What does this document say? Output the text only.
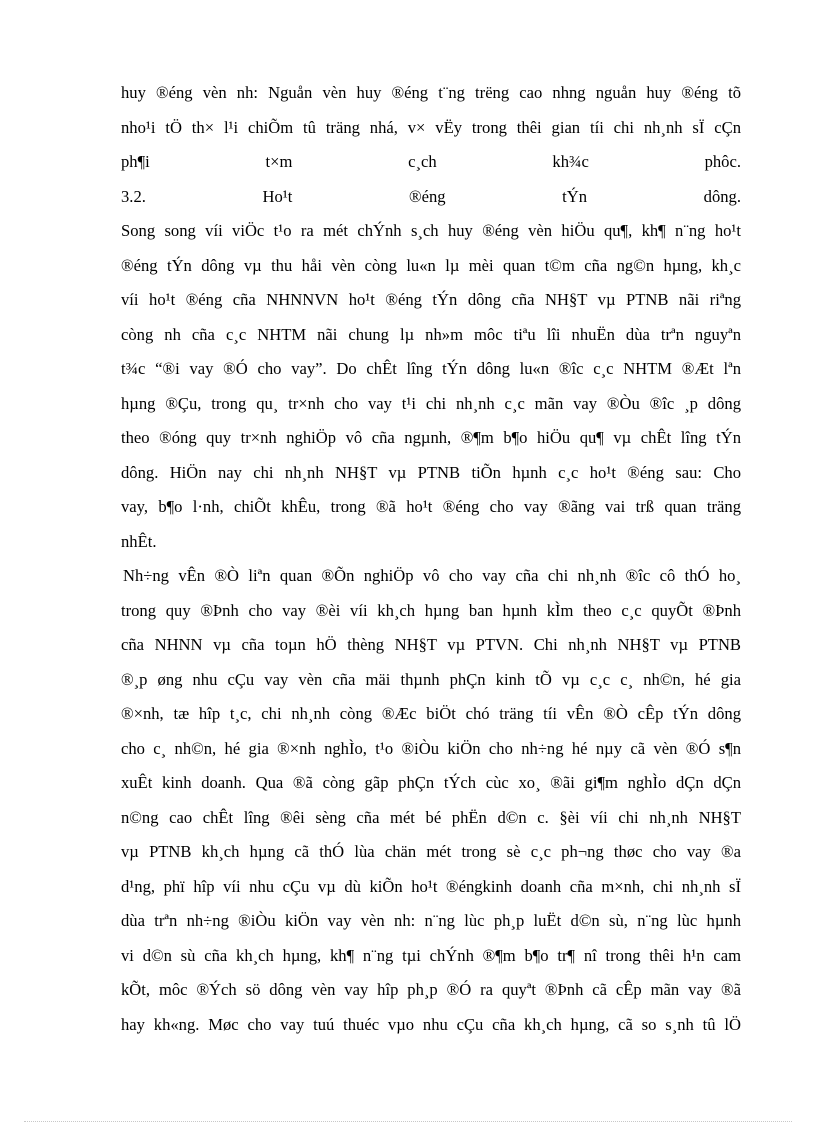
huy ®éng vèn nh: Nguån vèn huy ®éng t¨ng trëng cao nhng nguån huy ®éng tõ
nho¹i tÖ th× l¹i chiÕm tû träng nhá, v× vËy trong thêi gian tíi chi nh¸nh sÏ cÇn
ph¶i t×m c¸ch kh¾c phôc.
3.2. Ho¹t ®éng tÝn dông.
Song song víi viÖc t¹o ra mét chÝnh s¸ch huy ®éng vèn hiÖu qu¶, kh¶ n¨ng ho¹t
®éng tÝn dông vµ thu håi vèn còng lu«n lµ mèi quan t©m cña ng©n hµng, kh¸c
víi ho¹t ®éng cña NHNNVN ho¹t ®éng tÝn dông cña NH§T vµ PTNB nãi riªng
còng nh cña c¸c NHTM nãi chung lµ nh»m môc tiªu lîi nhuËn dùa trªn nguyªn
t¾c “®i vay ®Ó cho vay”. Do chÊt lîng tÝn dông lu«n ®îc c¸c NHTM ®Æt lªn
hµng ®Çu, trong qu¸ tr×nh cho vay t¹i chi nh¸nh c¸c mãn vay ®Òu ®îc ¸p dông
theo ®óng quy tr×nh nghiÖp vô cña ngµnh, ®¶m b¶o hiÖu qu¶ vµ chÊt lîng tÝn
dông. HiÖn nay chi nh¸nh NH§T vµ PTNB tiÕn hµnh c¸c ho¹t ®éng sau: Cho
vay, b¶o l·nh, chiÕt khÊu, trong ®ã ho¹t ®éng cho vay ®ãng vai trß quan träng
nhÊt.
Nh÷ng vÊn ®Ò liªn quan ®Õn nghiÖp vô cho vay cña chi nh¸nh ®îc cô thÓ ho¸
trong quy ®Þnh cho vay ®èi víi kh¸ch hµng ban hµnh kÌm theo c¸c quyÕt ®Þnh
cña NHNN vµ cña toµn hÖ thèng NH§T vµ PTVN. Chi nh¸nh NH§T vµ PTNB
®¸p øng nhu cÇu vay vèn cña mäi thµnh phÇn kinh tÕ vµ c¸c c¸ nh©n, hé gia
®×nh, tæ hîp t¸c, chi nh¸nh còng ®Æc biÖt chó träng tíi vÊn ®Ò cÊp tÝn dông
cho c¸ nh©n, hé gia ®×nh nghÌo, t¹o ®iÒu kiÖn cho nh÷ng hé nµy cã vèn ®Ó s¶n
xuÊt kinh doanh. Qua ®ã còng gãp phÇn tÝch cùc xo¸ ®ãi gi¶m nghÌo dÇn dÇn
n©ng cao chÊt lîng ®êi sèng cña mét bé phËn d©n c. §èi víi chi nh¸nh NH§T
vµ PTNB kh¸ch hµng cã thÓ lùa chän mét trong sè c¸c ph¬ng thøc cho vay ®a
d¹ng, phï hîp víi nhu cÇu vµ dù kiÕn ho¹t ®éngkinh doanh cña m×nh, chi nh¸nh sÏ
dùa trªn nh÷ng ®iÒu kiÖn vay vèn nh: n¨ng lùc ph¸p luËt d©n sù, n¨ng lùc hµnh
vi d©n sù cña kh¸ch hµng, kh¶ n¨ng tµi chÝnh ®¶m b¶o tr¶ nî trong thêi h¹n cam
kÕt, môc ®Ých sö dông vèn vay hîp ph¸p ®Ó ra quyªt ®Þnh cã cÊp mãn vay ®ã
hay kh«ng. Møc cho vay tuú thuéc vµo nhu cÇu cña kh¸ch hµng, cã so s¸nh tû lÖ
